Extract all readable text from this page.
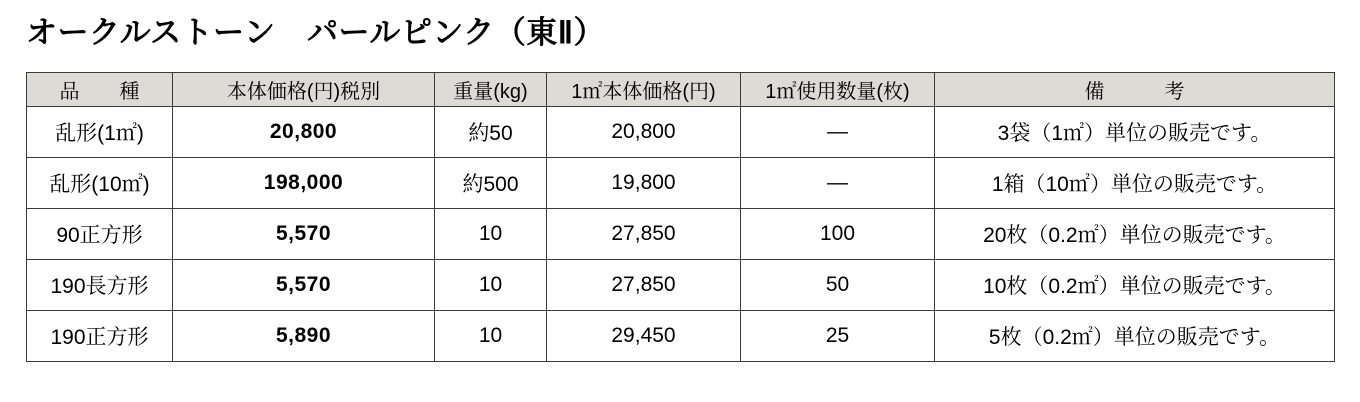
オークルストーン　パールピンク（東Ⅱ）
品　　種	本体価格(円)税別	重量(kg)	1㎡本体価格(円)	1㎡使用数量(枚)	備　　　考
乱形(1㎡)	20,800	約50	20,800	—	3袋（1㎡）単位の販売です。
乱形(10㎡)	198,000	約500	19,800	—	1箱（10㎡）単位の販売です。
90正方形	5,570	10	27,850	100	20枚（0.2㎡）単位の販売です。
190長方形	5,570	10	27,850	50	10枚（0.2㎡）単位の販売です。
190正方形	5,890	10	29,450	25	5枚（0.2㎡）単位の販売です。
